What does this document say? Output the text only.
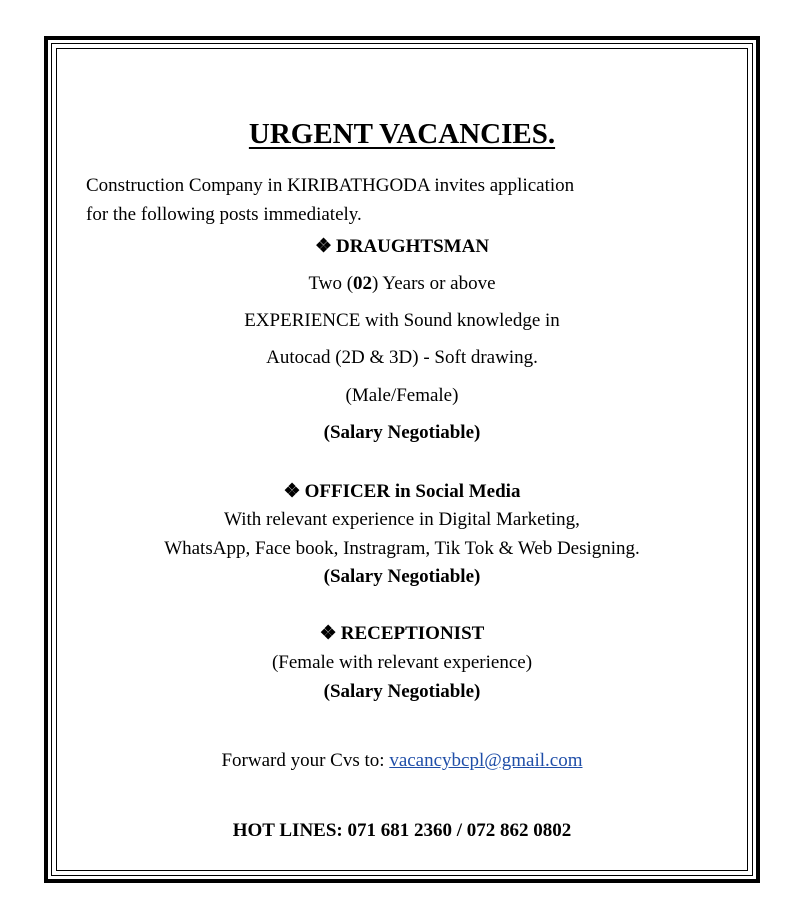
URGENT VACANCIES.
Construction Company in KIRIBATHGODA invites application
for the following posts immediately.
❖ DRAUGHTSMAN
Two (02) Years or above
EXPERIENCE with Sound knowledge in
Autocad (2D & 3D) - Soft drawing.
(Male/Female)
(Salary Negotiable)
❖ OFFICER in Social Media
With relevant experience in Digital Marketing,
WhatsApp, Face book, Instragram, Tik Tok & Web Designing.
(Salary Negotiable)
❖ RECEPTIONIST
(Female with relevant experience)
(Salary Negotiable)
Forward your Cvs to: vacancybcpl@gmail.com
HOT LINES: 071 681 2360 / 072 862 0802
